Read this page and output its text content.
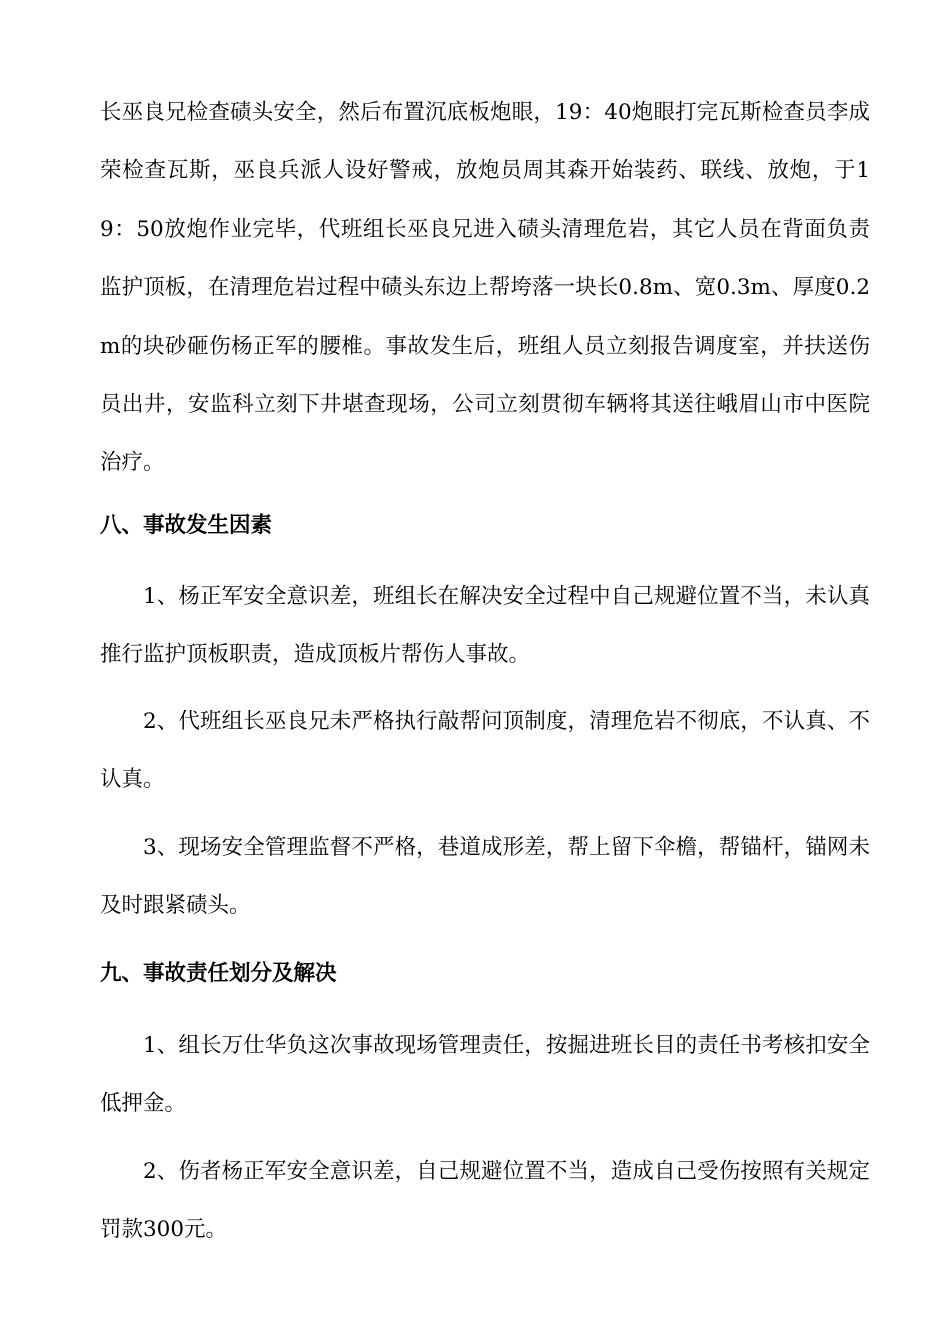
长巫良兄检查碛头安全，然后布置沉底板炮眼，19：40炮眼打完瓦斯检查员李成荣检查瓦斯，巫良兵派人设好警戒，放炮员周其森开始装药、联线、放炮，于19：50放炮作业完毕，代班组长巫良兄进入碛头清理危岩，其它人员在背面负责监护顶板，在清理危岩过程中碛头东边上帮垮落一块长0.8m、宽0.3m、厚度0.2m的块砂砸伤杨正军的腰椎。事故发生后，班组人员立刻报告调度室，并扶送伤员出井，安监科立刻下井堪查现场，公司立刻贯彻车辆将其送往峨眉山市中医院治疗。

八、事故发生因素

1、杨正军安全意识差，班组长在解决安全过程中自己规避位置不当，未认真推行监护顶板职责，造成顶板片帮伤人事故。

2、代班组长巫良兄未严格执行敲帮问顶制度，清理危岩不彻底，不认真、不认真。

3、现场安全管理监督不严格，巷道成形差，帮上留下伞檐，帮锚杆，锚网未及时跟紧碛头。

九、事故责任划分及解决

1、组长万仕华负这次事故现场管理责任，按掘进班长目的责任书考核扣安全低押金。

2、伤者杨正军安全意识差，自己规避位置不当，造成自己受伤按照有关规定罚款300元。
